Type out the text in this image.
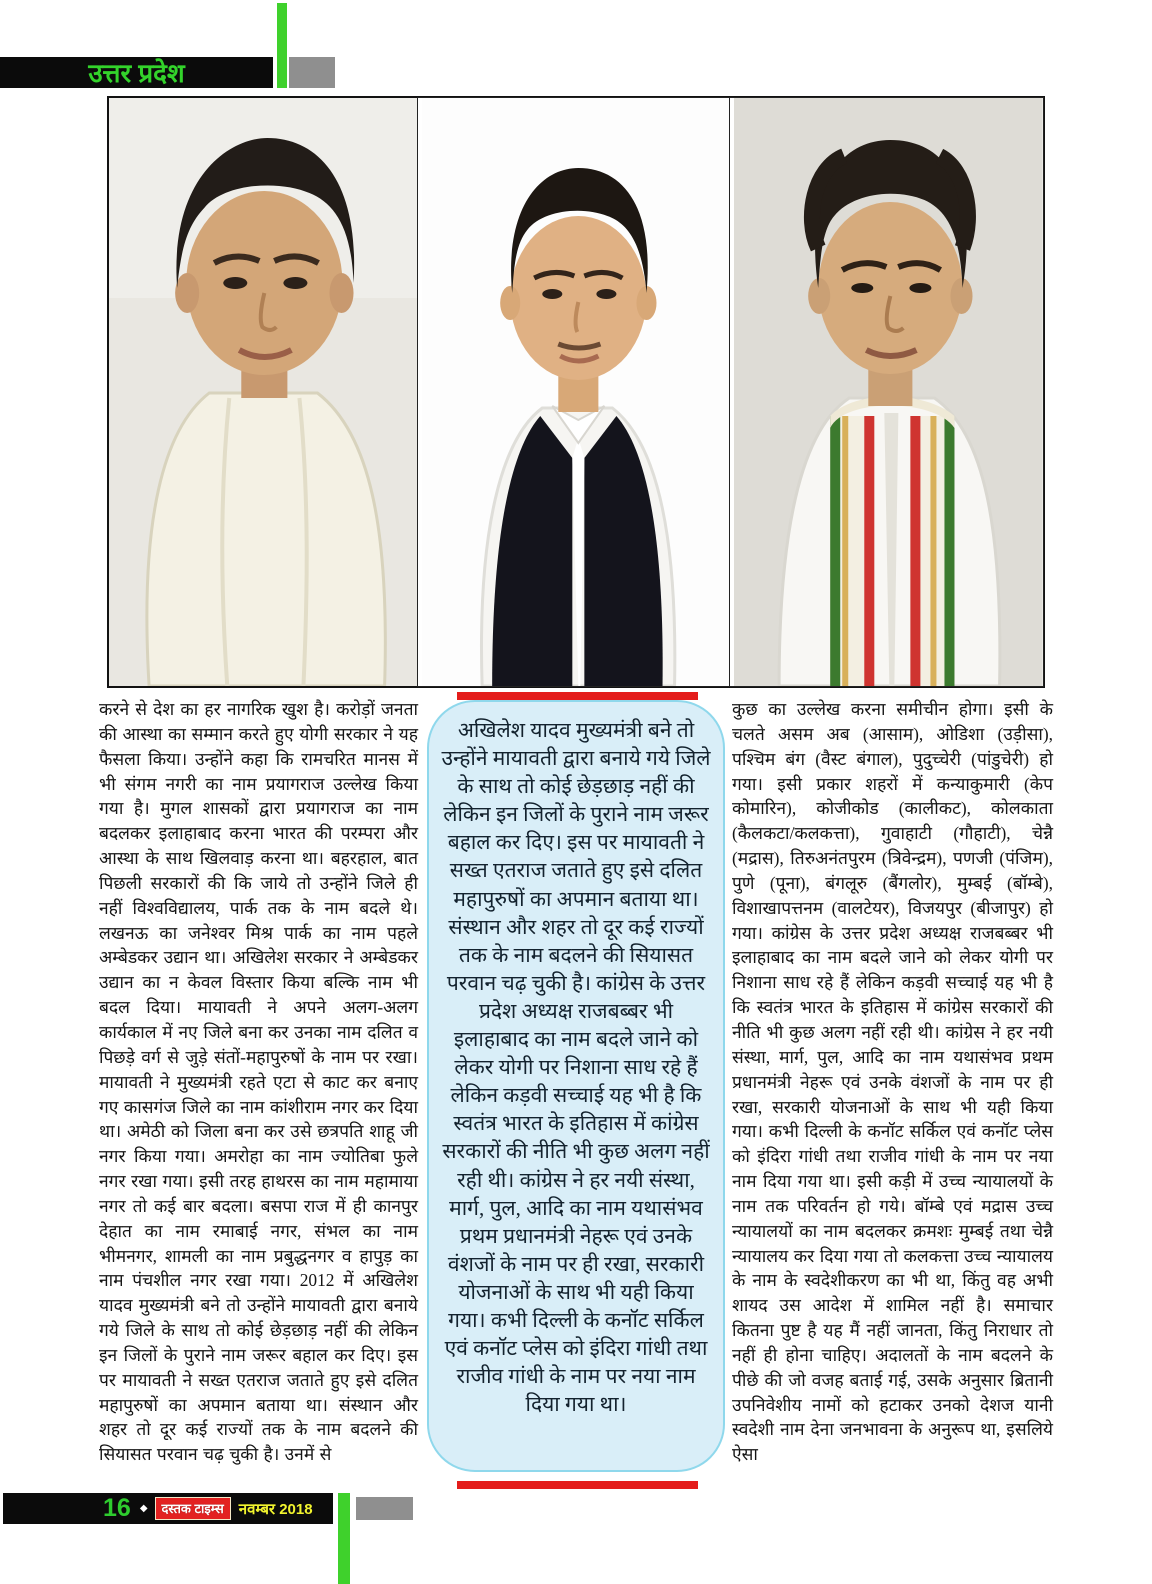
उत्तर प्रदेश
करने से देश का हर नागरिक खुश है। करोड़ों जनता की आस्था का सम्मान करते हुए योगी सरकार ने यह फैसला किया। उन्होंने कहा कि रामचरित मानस में भी संगम नगरी का नाम प्रयागराज उल्लेख किया गया है। मुगल शासकों द्वारा प्रयागराज का नाम बदलकर इलाहाबाद करना भारत की परम्परा और आस्था के साथ खिलवाड़ करना था। बहरहाल, बात पिछली सरकारों की कि जाये तो उन्होंने जिले ही नहीं विश्वविद्यालय, पार्क तक के नाम बदले थे। लखनऊ का जनेश्वर मिश्र पार्क का नाम पहले अम्बेडकर उद्यान था। अखिलेश सरकार ने अम्बेडकर उद्यान का न केवल विस्तार किया बल्कि नाम भी बदल दिया। मायावती ने अपने अलग-अलग कार्यकाल में नए जिले बना कर उनका नाम दलित व पिछड़े वर्ग से जुड़े संतों-महापुरुषों के नाम पर रखा। मायावती ने मुख्यमंत्री रहते एटा से काट कर बनाए गए कासगंज जिले का नाम कांशीराम नगर कर दिया था। अमेठी को जिला बना कर उसे छत्रपति शाहू जी नगर किया गया। अमरोहा का नाम ज्योतिबा फुले नगर रखा गया। इसी तरह हाथरस का नाम महामाया नगर तो कई बार बदला। बसपा राज में ही कानपुर देहात का नाम रमाबाई नगर, संभल का नाम भीमनगर, शामली का नाम प्रबुद्धनगर व हापुड़ का नाम पंचशील नगर रखा गया। 2012 में अखिलेश यादव मुख्यमंत्री बने तो उन्होंने मायावती द्वारा बनाये गये जिले के साथ तो कोई छेड़छाड़ नहीं की लेकिन इन जिलों के पुराने नाम जरूर बहाल कर दिए। इस पर मायावती ने सख्त एतराज जताते हुए इसे दलित महापुरुषों का अपमान बताया था। संस्थान और शहर तो दूर कई राज्यों तक के नाम बदलने की सियासत परवान चढ़ चुकी है। उनमें से
अखिलेश यादव मुख्यमंत्री बने तो उन्होंने मायावती द्वारा बनाये गये जिले के साथ तो कोई छेड़छाड़ नहीं की लेकिन इन जिलों के पुराने नाम जरूर बहाल कर दिए। इस पर मायावती ने सख्त एतराज जताते हुए इसे दलित महापुरुषों का अपमान बताया था। संस्थान और शहर तो दूर कई राज्यों तक के नाम बदलने की सियासत परवान चढ़ चुकी है। कांग्रेस के उत्तर प्रदेश अध्यक्ष राजबब्बर भी इलाहाबाद का नाम बदले जाने को लेकर योगी पर निशाना साध रहे हैं लेकिन कड़वी सच्चाई यह भी है कि स्वतंत्र भारत के इतिहास में कांग्रेस सरकारों की नीति भी कुछ अलग नहीं रही थी। कांग्रेस ने हर नयी संस्था, मार्ग, पुल, आदि का नाम यथासंभव प्रथम प्रधानमंत्री नेहरू एवं उनके वंशजों के नाम पर ही रखा, सरकारी योजनाओं के साथ भी यही किया गया। कभी दिल्ली के कनॉट सर्किल एवं कनॉट प्लेस को इंदिरा गांधी तथा राजीव गांधी के नाम पर नया नाम दिया गया था।
कुछ का उल्लेख करना समीचीन होगा। इसी के चलते असम अब (आसाम), ओडिशा (उड़ीसा), पश्चिम बंग (वैस्ट बंगाल), पुदुच्चेरी (पांडुचेरी) हो गया। इसी प्रकार शहरों में कन्याकुमारी (केप कोमारिन), कोजीकोड (कालीकट), कोलकाता (कैलकटा/कलकत्ता), गुवाहाटी (गौहाटी), चेन्नै (मद्रास), तिरुअनंतपुरम (त्रिवेन्द्रम), पणजी (पंजिम), पुणे (पूना), बंगलूरु (बैंगलोर), मुम्बई (बॉम्बे), विशाखापत्तनम (वालटेयर), विजयपुर (बीजापुर) हो गया। कांग्रेस के उत्तर प्रदेश अध्यक्ष राजबब्बर भी इलाहाबाद का नाम बदले जाने को लेकर योगी पर निशाना साध रहे हैं लेकिन कड़वी सच्चाई यह भी है कि स्वतंत्र भारत के इतिहास में कांग्रेस सरकारों की नीति भी कुछ अलग नहीं रही थी। कांग्रेस ने हर नयी संस्था, मार्ग, पुल, आदि का नाम यथासंभव प्रथम प्रधानमंत्री नेहरू एवं उनके वंशजों के नाम पर ही रखा, सरकारी योजनाओं के साथ भी यही किया गया। कभी दिल्ली के कनॉट सर्किल एवं कनॉट प्लेस को इंदिरा गांधी तथा राजीव गांधी के नाम पर नया नाम दिया गया था। इसी कड़ी में उच्च न्यायालयों के नाम तक परिवर्तन हो गये। बॉम्बे एवं मद्रास उच्च न्यायालयों का नाम बदलकर क्रमशः मुम्बई तथा चेन्नै न्यायालय कर दिया गया तो कलकत्ता उच्च न्यायालय के नाम के स्वदेशीकरण का भी था, किंतु वह अभी शायद उस आदेश में शामिल नहीं है। समाचार कितना पुष्ट है यह मैं नहीं जानता, किंतु निराधार तो नहीं ही होना चाहिए। अदालतों के नाम बदलने के पीछे की जो वजह बताई गई, उसके अनुसार ब्रितानी उपनिवेशीय नामों को हटाकर उनको देशज यानी स्वदेशी नाम देना जनभावना के अनुरूप था, इसलिये ऐसा
16 ◆	दस्तक टाइम्स	नवम्बर 2018
